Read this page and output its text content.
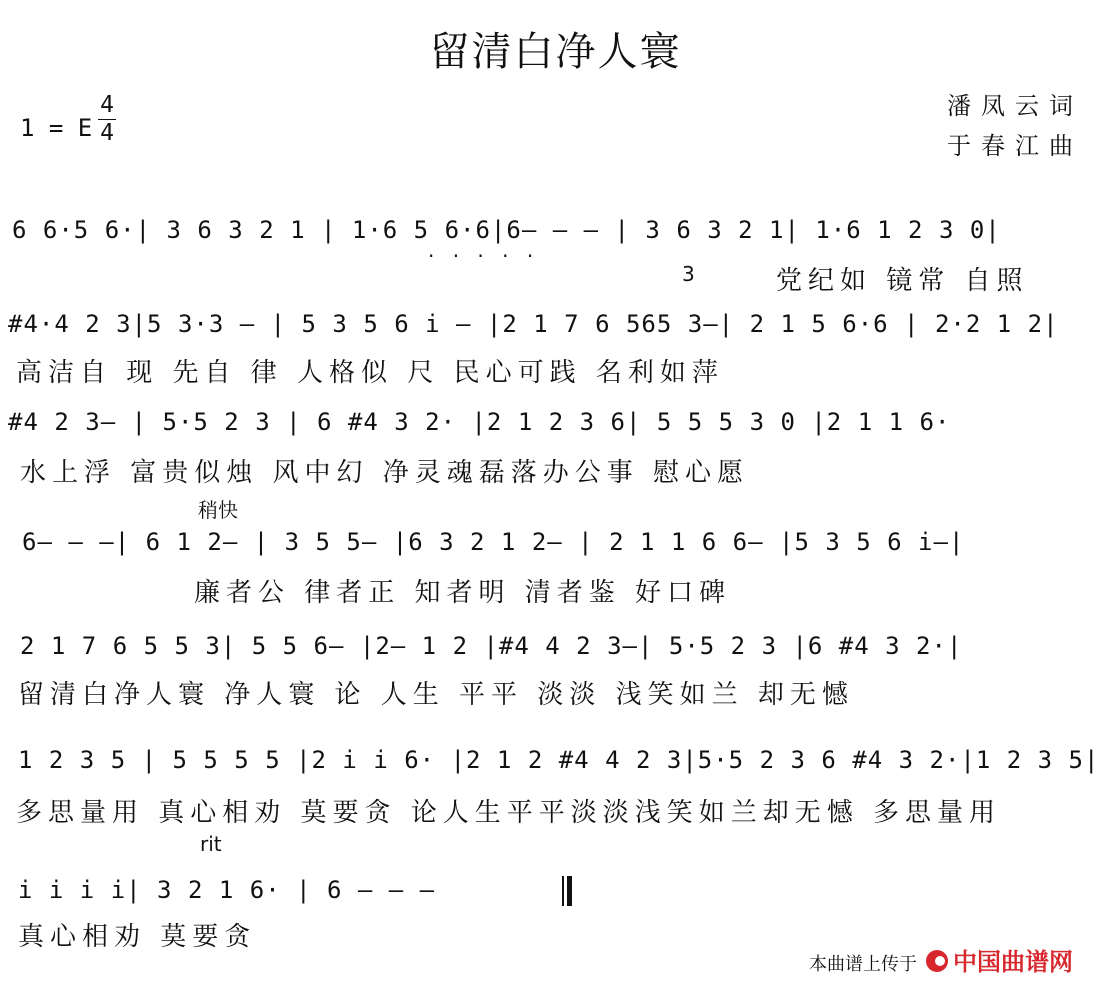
留清白净人寰
1 = E
4
4
潘凤云词
于春江曲
6 6·5 6·| 3 6 3 2 1 | 1·6 5 6·6|6— — — | 3 6 3 2 1| 1·6 1 2 3 0|
· · · · ·
党纪如 镜常 自照
3
#4·4 2 3|5 3·3 — | 5 3 5 6 i — |2 1 7 6 565 3—| 2 1 5 6·6 | 2·2 1 2|
高洁自 现 先自 律 人格似 尺 民心可践 名利如萍
#4 2 3— | 5·5 2 3 | 6 #4 3 2· |2 1 2 3 6| 5 5 5 3 0 |2 1 1 6·
水上浮 富贵似烛 风中幻 净灵魂磊落办公事 慰心愿
稍快
6— — —| 6 1 2— | 3 5 5— |6 3 2 1 2— | 2 1 1 6 6— |5 3 5 6 i—|
廉者公 律者正 知者明 清者鉴 好口碑
2 1 7 6 5 5 3| 5 5 6— |2— 1 2 |#4 4 2 3—| 5·5 2 3 |6 #4 3 2·|
留清白净人寰 净人寰 论 人生 平平 淡淡 浅笑如兰 却无憾
1 2 3 5 | 5 5 5 5 |2 i i 6· |2 1 2 #4 4 2 3|5·5 2 3 6 #4 3 2·|1 2 3 5|
多思量用 真心相劝 莫要贪 论人生平平淡淡浅笑如兰却无憾 多思量用
rit
i i i i| 3 2 1 6· | 6 — — —
真心相劝 莫要贪
本曲谱上传于 中国曲谱网
